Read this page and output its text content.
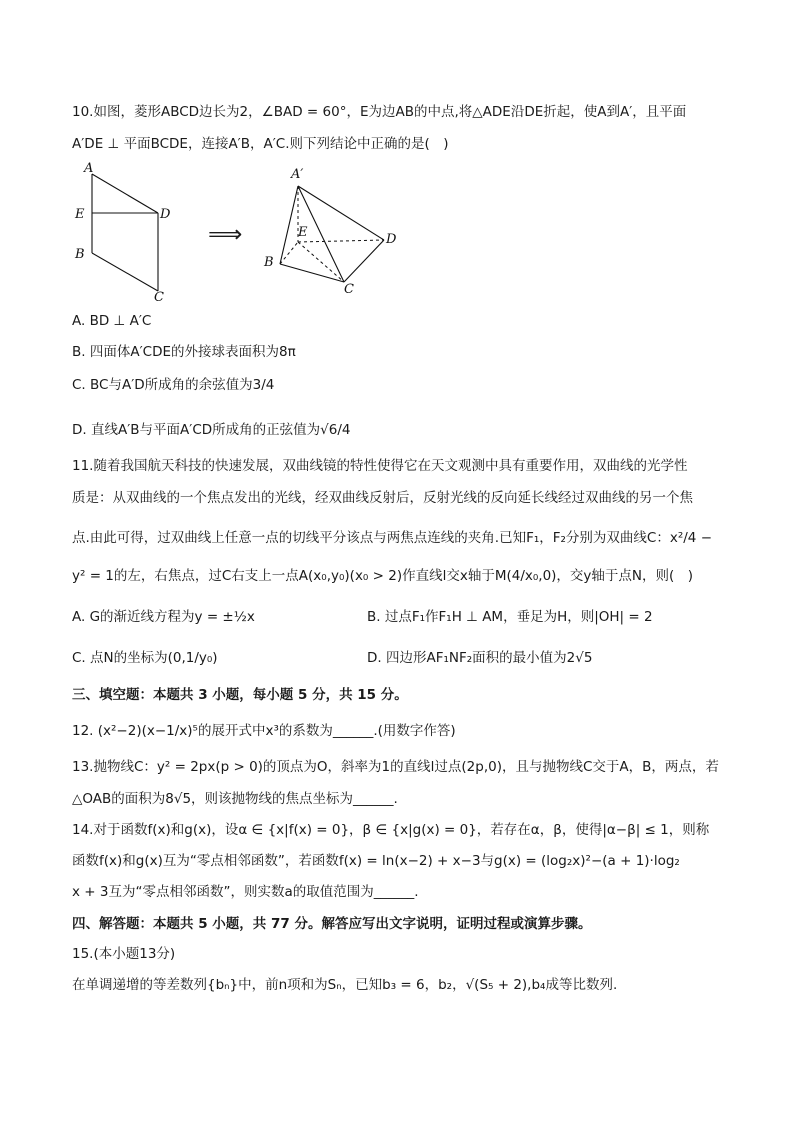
10.如图，菱形ABCD边长为2，∠BAD = 60°，E为边AB的中点,将△ADE沿DE折起，使A到A′，且平面
A′DE ⊥ 平面BCDE，连接A′B，A′C.则下列结论中正确的是(　)
A
E	D
B
C
⟹
A′
E	D
B
C
A. BD ⊥ A′C
B. 四面体A′CDE的外接球表面积为8π
C. BC与A′D所成角的余弦值为3/4
D. 直线A′B与平面A′CD所成角的正弦值为√6/4
11.随着我国航天科技的快速发展，双曲线镜的特性使得它在天文观测中具有重要作用，双曲线的光学性
质是：从双曲线的一个焦点发出的光线，经双曲线反射后，反射光线的反向延长线经过双曲线的另一个焦
点.由此可得，过双曲线上任意一点的切线平分该点与两焦点连线的夹角.已知F₁，F₂分别为双曲线C：x²/4 −
y² = 1的左，右焦点，过C右支上一点A(x₀,y₀)(x₀ > 2)作直线l交x轴于M(4/x₀,0)，交y轴于点N，则(　)
A. G的渐近线方程为y = ±½x	B. 过点F₁作F₁H ⊥ AM，垂足为H，则|OH| = 2
C. 点N的坐标为(0,1/y₀)	D. 四边形AF₁NF₂面积的最小值为2√5
三、填空题：本题共 3 小题，每小题 5 分，共 15 分。
12. (x²−2)(x−1/x)⁵的展开式中x³的系数为______.(用数字作答)
13.抛物线C：y² = 2px(p > 0)的顶点为O，斜率为1的直线l过点(2p,0)，且与抛物线C交于A，B，两点，若
△OAB的面积为8√5，则该抛物线的焦点坐标为______.
14.对于函数f(x)和g(x)，设α ∈ {x|f(x) = 0}，β ∈ {x|g(x) = 0}，若存在α，β，使得|α−β| ≤ 1，则称
函数f(x)和g(x)互为“零点相邻函数”，若函数f(x) = ln(x−2) + x−3与g(x) = (log₂x)²−(a + 1)·log₂
x + 3互为“零点相邻函数”，则实数a的取值范围为______.
四、解答题：本题共 5 小题，共 77 分。解答应写出文字说明，证明过程或演算步骤。
15.(本小题13分)
在单调递增的等差数列{bₙ}中，前n项和为Sₙ，已知b₃ = 6，b₂，√(S₅ + 2),b₄成等比数列.
